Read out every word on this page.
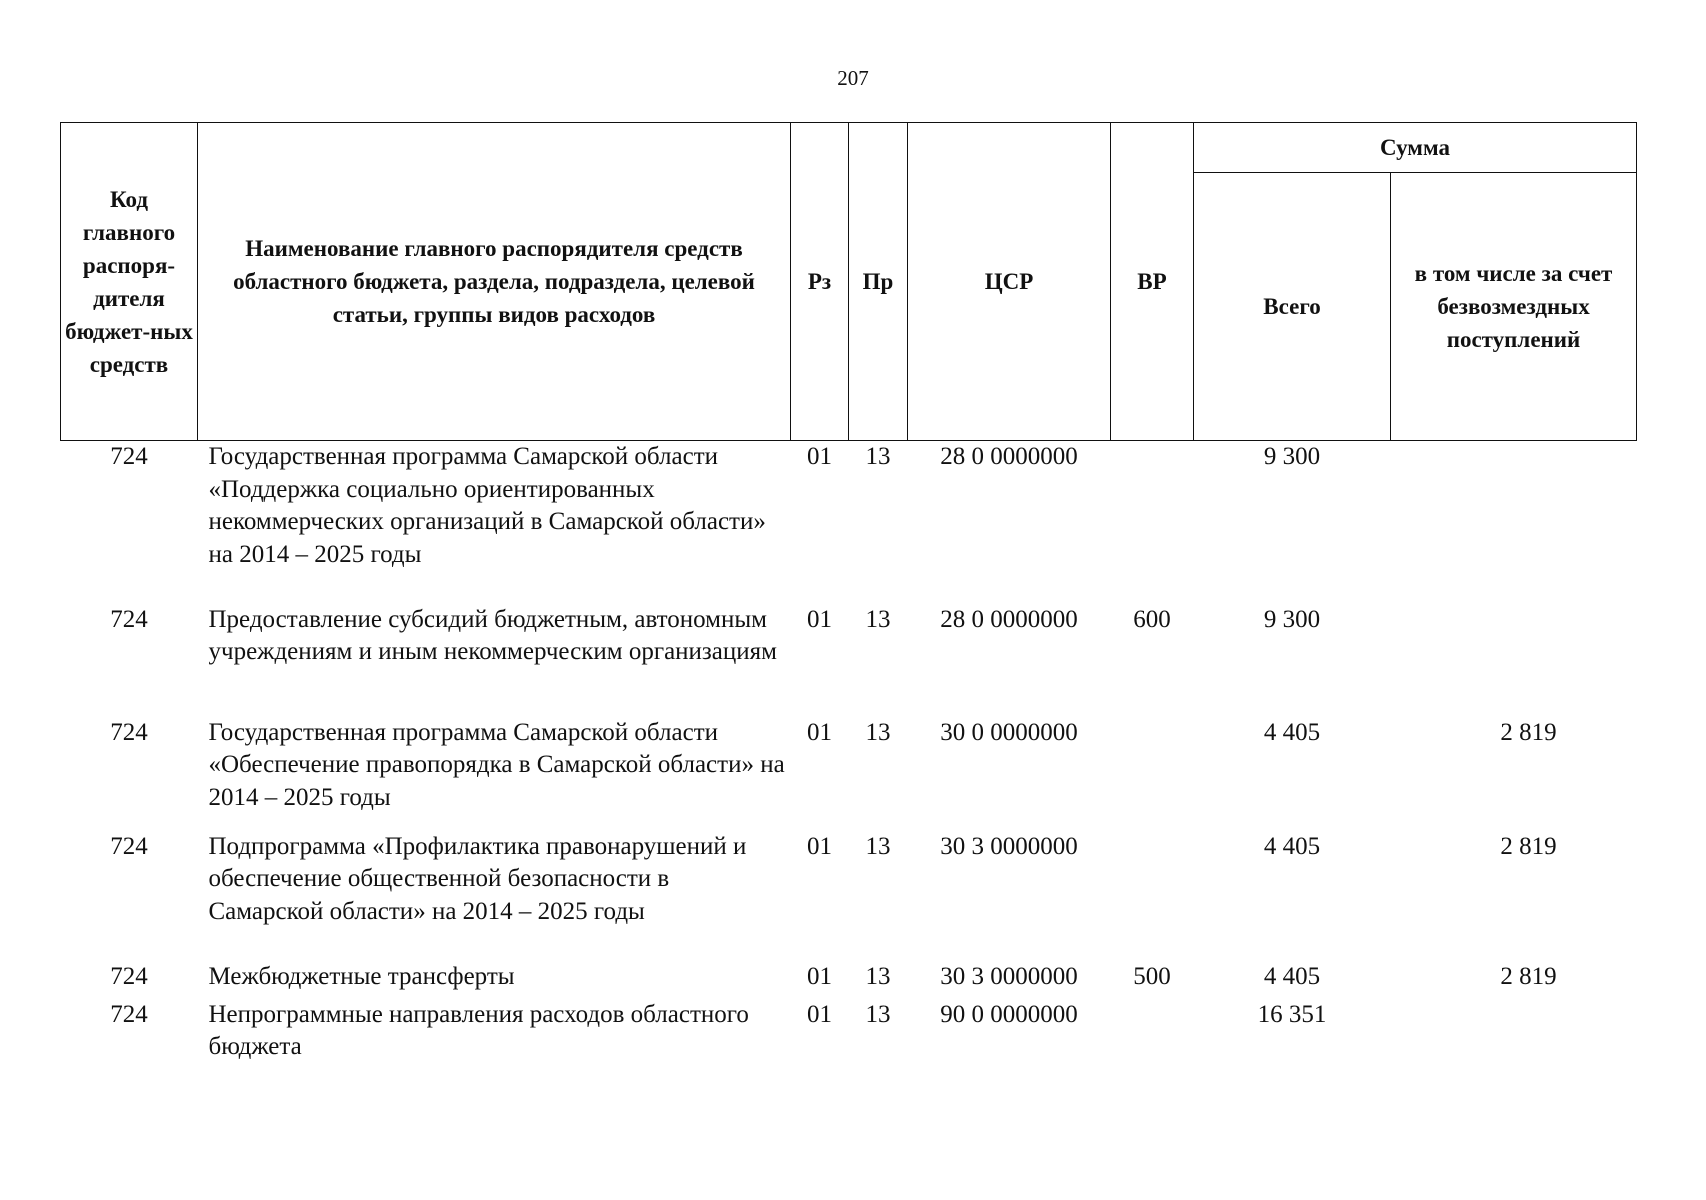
207
Код главного распоря-дителя бюджет-ных средств	Наименование главного распорядителя средств областного бюджета, раздела, подраздела, целевой статьи, группы видов расходов	Рз	Пр	ЦСР	ВР	Сумма	
						Всего	в том числе за счет безвозмездных поступлений
724	Государственная программа Самарской области «Поддержка социально ориентированных некоммерческих организаций в Самарской области» на 2014 – 2025 годы	01	13	28 0 0000000		9 300	
724	Предоставление субсидий бюджетным, автономным учреждениям и иным некоммерческим организациям	01	13	28 0 0000000	600	9 300	
724	Государственная программа Самарской области «Обеспечение правопорядка в Самарской области» на 2014 – 2025 годы	01	13	30 0 0000000		4 405	2 819
724	Подпрограмма «Профилактика правонарушений и обеспечение общественной безопасности в Самарской области» на 2014 – 2025 годы	01	13	30 3 0000000		4 405	2 819
724	Межбюджетные трансферты	01	13	30 3 0000000	500	4 405	2 819
724	Непрограммные направления расходов областного бюджета	01	13	90 0 0000000		16 351	
